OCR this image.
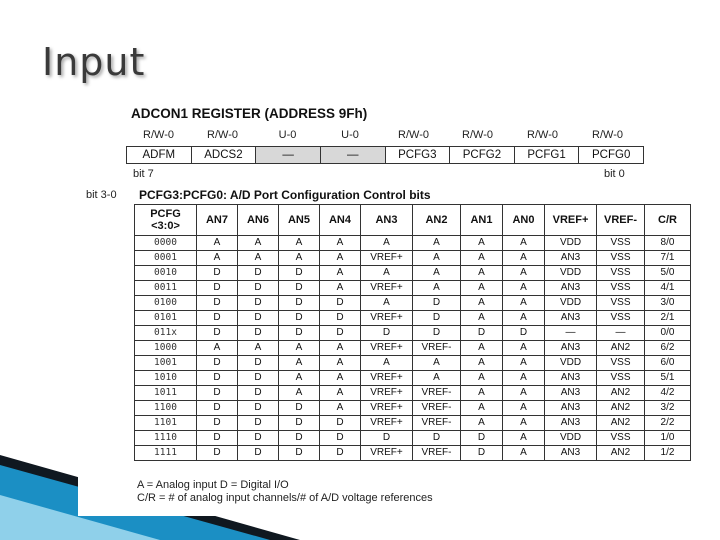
Input
ADCON1 REGISTER (ADDRESS 9Fh)
R/W-0	R/W-0	U-0	U-0	R/W-0	R/W-0	R/W-0	R/W-0
ADFM	ADCS2	—	—	PCFG3	PCFG2	PCFG1	PCFG0
bit 7	bit 0
bit 3-0 PCFG3:PCFG0: A/D Port Configuration Control bits
PCFG <3:0>	AN7	AN6	AN5	AN4	AN3	AN2	AN1	AN0	VREF+	VREF-	C/R
0000	A	A	A	A	A	A	A	A	VDD	VSS	8/0
0001	A	A	A	A	VREF+	A	A	A	AN3	VSS	7/1
0010	D	D	D	A	A	A	A	A	VDD	VSS	5/0
0011	D	D	D	A	VREF+	A	A	A	AN3	VSS	4/1
0100	D	D	D	D	A	D	A	A	VDD	VSS	3/0
0101	D	D	D	D	VREF+	D	A	A	AN3	VSS	2/1
011x	D	D	D	D	D	D	D	D	—	—	0/0
1000	A	A	A	A	VREF+	VREF-	A	A	AN3	AN2	6/2
1001	D	D	A	A	A	A	A	A	VDD	VSS	6/0
1010	D	D	A	A	VREF+	A	A	A	AN3	VSS	5/1
1011	D	D	A	A	VREF+	VREF-	A	A	AN3	AN2	4/2
1100	D	D	D	A	VREF+	VREF-	A	A	AN3	AN2	3/2
1101	D	D	D	D	VREF+	VREF-	A	A	AN3	AN2	2/2
1110	D	D	D	D	D	D	D	A	VDD	VSS	1/0
1111	D	D	D	D	VREF+	VREF-	D	A	AN3	AN2	1/2
A = Analog input D = Digital I/O
C/R = # of analog input channels/# of A/D voltage references
